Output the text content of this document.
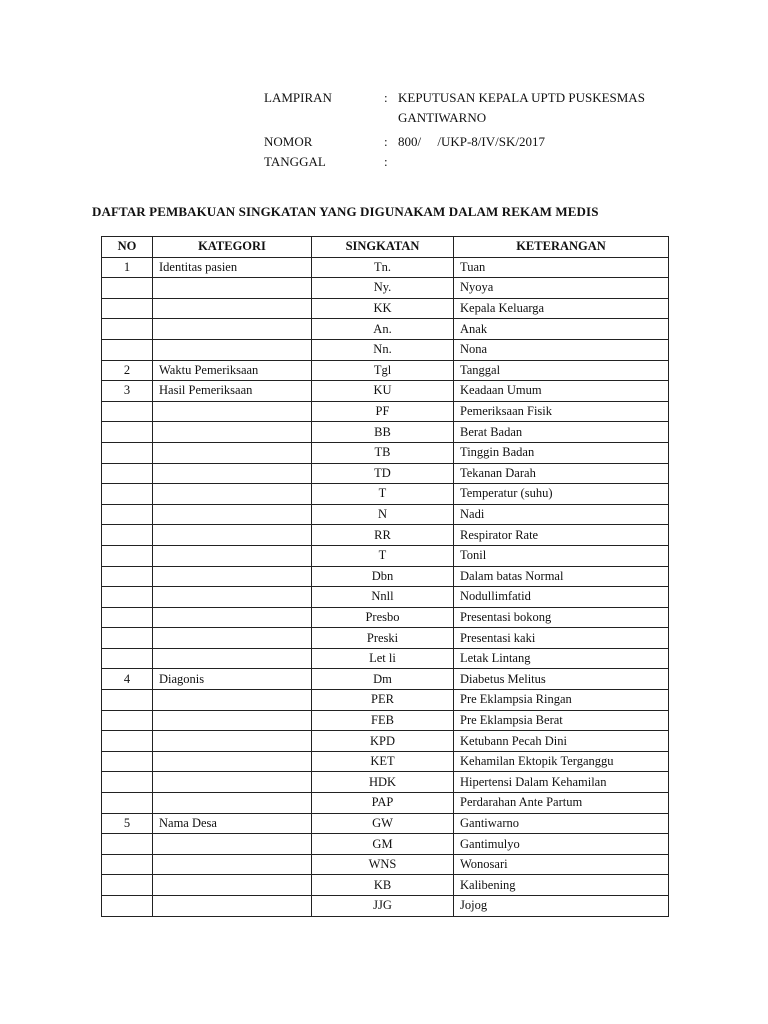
LAMPIRAN	: KEPUTUSAN KEPALA UPTD PUSKESMAS
GANTIWARNO
NOMOR	: 800/     /UKP-8/IV/SK/2017
TANGGAL	:
DAFTAR PEMBAKUAN SINGKATAN YANG DIGUNAKAM DALAM REKAM MEDIS
NO	KATEGORI	SINGKATAN	KETERANGAN
1	Identitas pasien	Tn.	Tuan
		Ny.	Nyoya
		KK	Kepala Keluarga
		An.	Anak
		Nn.	Nona
2	Waktu Pemeriksaan	Tgl	Tanggal
3	Hasil Pemeriksaan	KU	Keadaan Umum
		PF	Pemeriksaan Fisik
		BB	Berat Badan
		TB	Tinggin Badan
		TD	Tekanan Darah
		T	Temperatur (suhu)
		N	Nadi
		RR	Respirator Rate
		T	Tonil
		Dbn	Dalam batas Normal
		Nnll	Nodullimfatid
		Presbo	Presentasi bokong
		Preski	Presentasi kaki
		Let li	Letak Lintang
4	Diagonis	Dm	Diabetus Melitus
		PER	Pre Eklampsia Ringan
		FEB	Pre Eklampsia Berat
		KPD	Ketubann Pecah Dini
		KET	Kehamilan Ektopik Terganggu
		HDK	Hipertensi Dalam Kehamilan
		PAP	Perdarahan Ante Partum
5	Nama Desa	GW	Gantiwarno
		GM	Gantimulyo
		WNS	Wonosari
		KB	Kalibening
		JJG	Jojog
